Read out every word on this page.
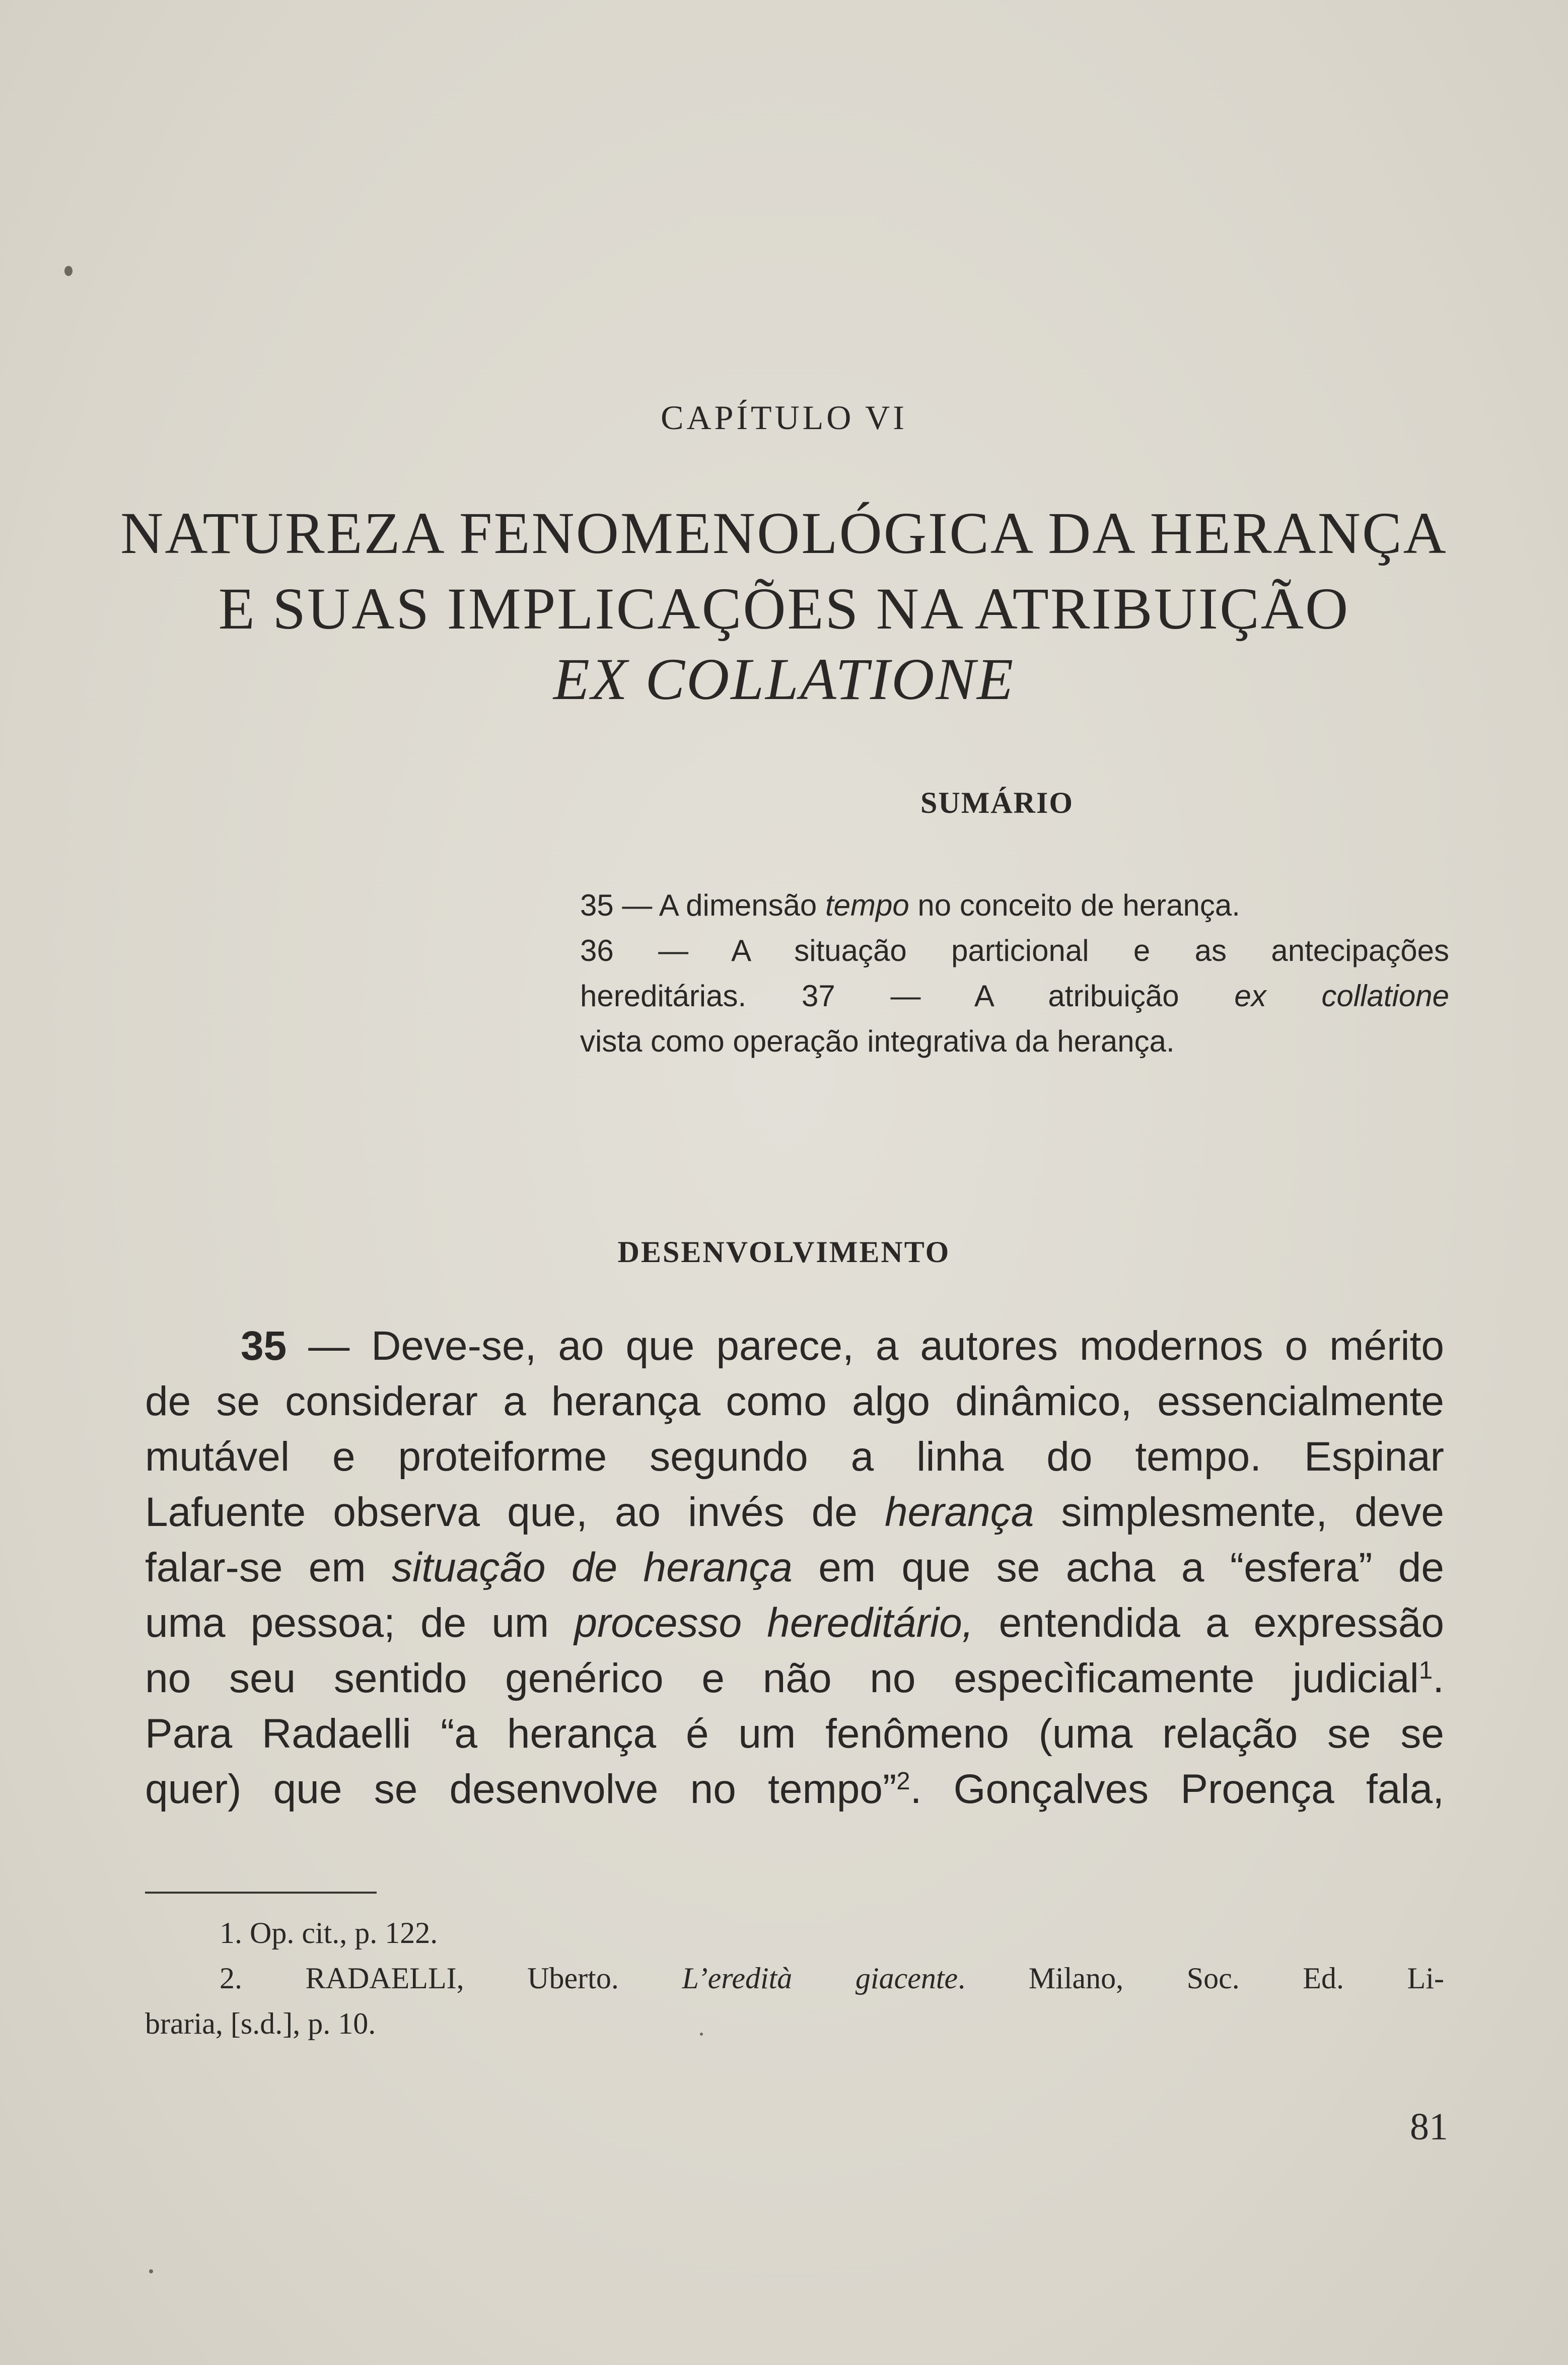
CAPÍTULO VI
NATUREZA FENOMENOLÓGICA DA HERANÇA
E SUAS IMPLICAÇÕES NA ATRIBUIÇÃO
EX COLLATIONE
SUMÁRIO
35 — A dimensão tempo no conceito de herança.
36 — A situação particional e as antecipações
hereditárias. 37 — A atribuição ex collatione
vista como operação integrativa da herança.
DESENVOLVIMENTO
35 — Deve-se, ao que parece, a autores modernos o mérito
de se considerar a herança como algo dinâmico, essencialmente
mutável e proteiforme segundo a linha do tempo. Espinar
Lafuente observa que, ao invés de herança simplesmente, deve
falar-se em situação de herança em que se acha a “esfera” de
uma pessoa; de um processo hereditário, entendida a expressão
no seu sentido genérico e não no especìficamente judicial$^1$.
Para Radaelli “a herança é um fenômeno (uma relação se se
quer) que se desenvolve no tempo”$^2$. Gonçalves Proença fala,
1. Op. cit., p. 122.
2. RADAELLI, Uberto. L’eredità giacente. Milano, Soc. Ed. Li-
braria, [s.d.], p. 10.
81
